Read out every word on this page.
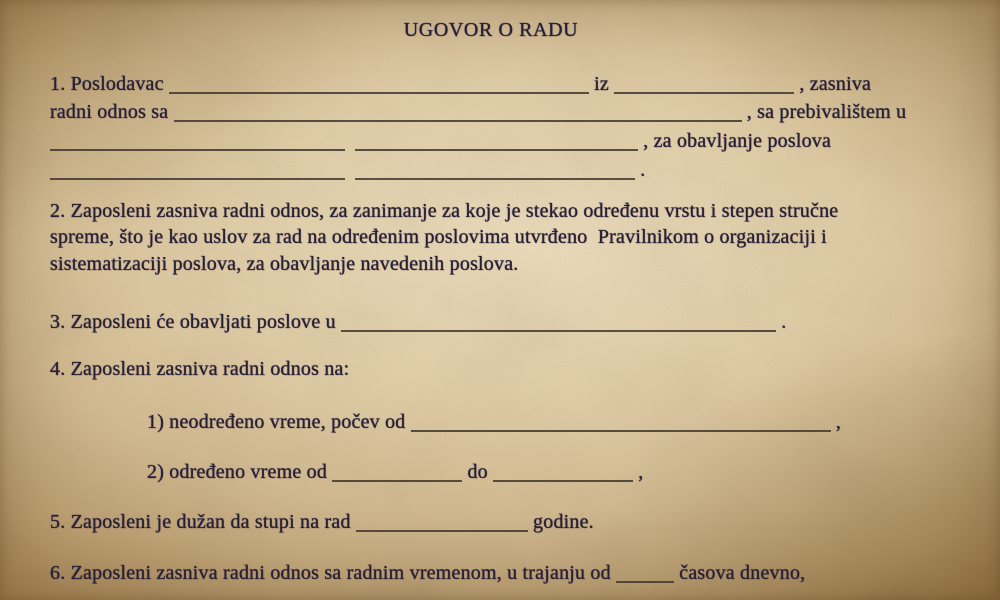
UGOVOR O RADU
1. Poslodavac	iz	, zasniva
radni odnos sa	, sa prebivalištem u
, za obavljanje poslova
.
2. Zaposleni zasniva radni odnos, za zanimanje za koje je stekao određenu vrstu i stepen stručne
spreme, što je kao uslov za rad na određenim poslovima utvrđeno  Pravilnikom o organizaciji i
sistematizaciji poslova, za obavljanje navedenih poslova.
3. Zaposleni će obavljati poslove u	.
4. Zaposleni zasniva radni odnos na:
1) neodređeno vreme, počev od	,
2) određeno vreme od	do	,
5. Zaposleni je dužan da stupi na rad	godine.
6. Zaposleni zasniva radni odnos sa radnim vremenom, u trajanju od	časova dnevno,
